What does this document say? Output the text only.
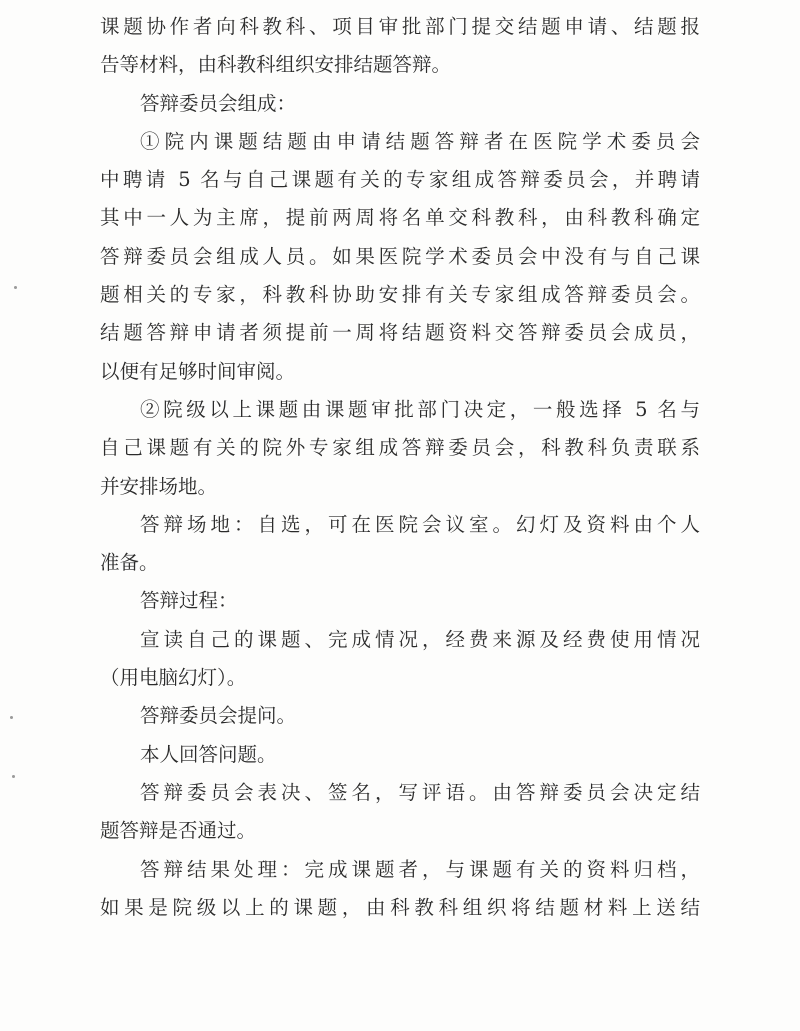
课题协作者向科教科、项目审批部门提交结题申请、结题报
告等材料，由科教科组织安排结题答辩。
答辩委员会组成：
①院内课题结题由申请结题答辩者在医院学术委员会
中聘请 5 名与自己课题有关的专家组成答辩委员会，并聘请
其中一人为主席，提前两周将名单交科教科，由科教科确定
答辩委员会组成人员。如果医院学术委员会中没有与自己课
题相关的专家，科教科协助安排有关专家组成答辩委员会。
结题答辩申请者须提前一周将结题资料交答辩委员会成员，
以便有足够时间审阅。
②院级以上课题由课题审批部门决定，一般选择 5 名与
自己课题有关的院外专家组成答辩委员会，科教科负责联系
并安排场地。
答辩场地：自选，可在医院会议室。幻灯及资料由个人
准备。
答辩过程：
宣读自己的课题、完成情况，经费来源及经费使用情况
（用电脑幻灯）。
答辩委员会提问。
本人回答问题。
答辩委员会表决、签名，写评语。由答辩委员会决定结
题答辩是否通过。
答辩结果处理：完成课题者，与课题有关的资料归档，
如果是院级以上的课题，由科教科组织将结题材料上送结
